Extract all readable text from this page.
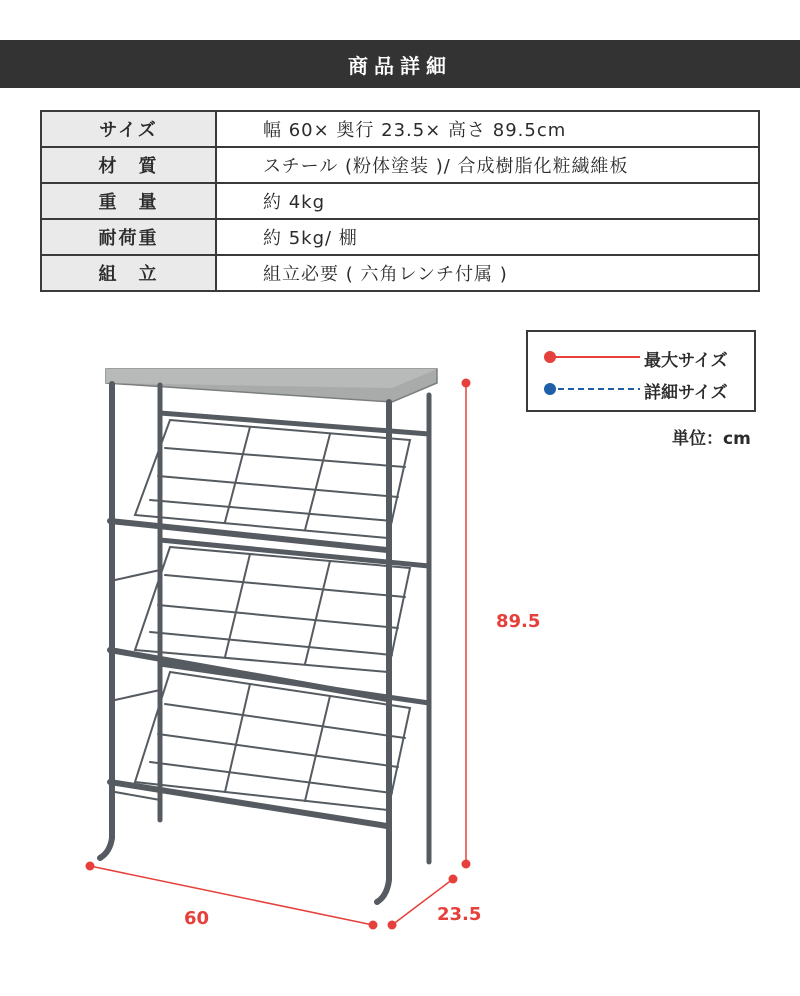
商品詳細
サイズ	幅 60× 奥行 23.5× 高さ 89.5cm
材　質	スチール (粉体塗装 )/ 合成樹脂化粧繊維板
重　量	約 4kg
耐荷重	約 5kg/ 棚
組　立	組立必要 ( 六角レンチ付属 )
最大サイズ
詳細サイズ
単位：cm
89.5
60	23.5
